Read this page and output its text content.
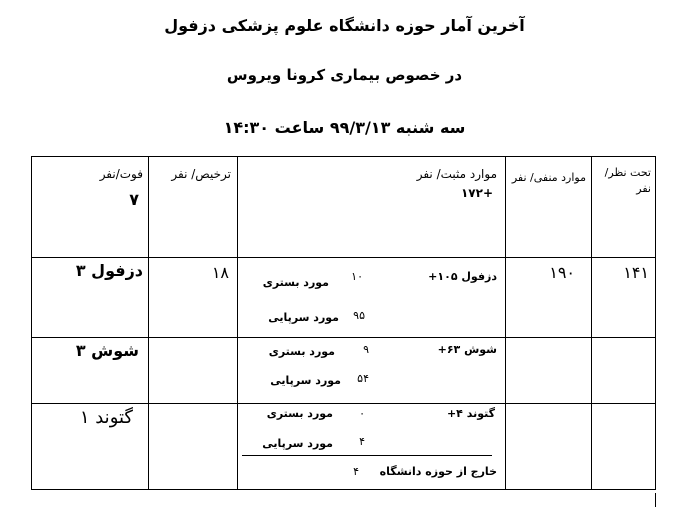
آخرین آمار حوزه دانشگاه علوم پزشکی دزفول
در خصوص بیماری کرونا ویروس
سه شنبه ۹۹/۳/۱۳ ساعت ۱۴:۳۰
تحت نظر/ نفر
موارد منفی/ نفر
موارد مثبت/ نفر
+۱۷۲
ترخیص/ نفر
فوت/نفر
۷
۱۴۱
۱۹۰
دزفول ۱۰۵+
۱۰
مورد بستری
۹۵
مورد سرپایی
۱۸
دزفول ۳
شوش ۶۳+
۹
مورد بستری
۵۴
مورد سرپایی
شوش ۳
گتوند ۴+
۰
مورد بستری
۴
مورد سرپایی
خارج از حوزه دانشگاه
۴
گتوند ۱
